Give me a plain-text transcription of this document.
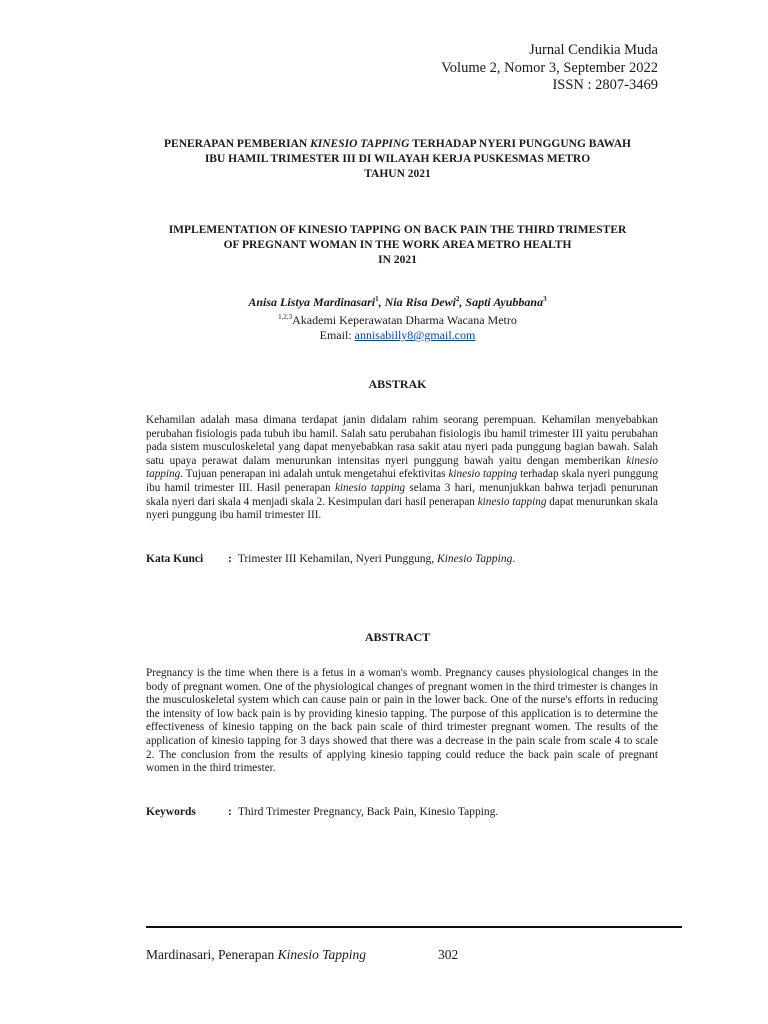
Jurnal Cendikia Muda
Volume 2, Nomor 3, September 2022
ISSN : 2807-3469
PENERAPAN PEMBERIAN KINESIO TAPPING TERHADAP NYERI PUNGGUNG BAWAH
IBU HAMIL TRIMESTER III DI WILAYAH KERJA PUSKESMAS METRO
TAHUN 2021
IMPLEMENTATION OF KINESIO TAPPING ON BACK PAIN THE THIRD TRIMESTER
OF PREGNANT WOMAN IN THE WORK AREA METRO HEALTH
IN 2021
Anisa Listya Mardinasari$^1$, Nia Risa Dewi$^2$, Sapti Ayubbana$^3$
$^{1,2,3}$Akademi Keperawatan Dharma Wacana Metro
Email: annisabilly8@gmail.com
ABSTRAK
Kehamilan adalah masa dimana terdapat janin didalam rahim seorang perempuan. Kehamilan menyebabkan perubahan fisiologis pada tubuh ibu hamil. Salah satu perubahan fisiologis ibu hamil trimester III yaitu perubahan pada sistem musculoskeletal yang dapat menyebabkan rasa sakit atau nyeri pada punggung bagian bawah. Salah satu upaya perawat dalam menurunkan intensitas nyeri punggung bawah yaitu dengan memberikan kinesio tapping. Tujuan penerapan ini adalah untuk mengetahui efektivitas kinesio tapping terhadap skala nyeri punggung ibu hamil trimester III. Hasil penerapan kinesio tapping selama 3 hari, menunjukkan bahwa terjadi penurunan skala nyeri dari skala 4 menjadi skala 2. Kesimpulan dari hasil penerapan kinesio tapping dapat menurunkan skala nyeri punggung ibu hamil trimester III.
Kata Kunci : Trimester III Kehamilan, Nyeri Punggung, Kinesio Tapping.
ABSTRACT
Pregnancy is the time when there is a fetus in a woman's womb. Pregnancy causes physiological changes in the body of pregnant women. One of the physiological changes of pregnant women in the third trimester is changes in the musculoskeletal system which can cause pain or pain in the lower back. One of the nurse's efforts in reducing the intensity of low back pain is by providing kinesio tapping. The purpose of this application is to determine the effectiveness of kinesio tapping on the back pain scale of third trimester pregnant women. The results of the application of kinesio tapping for 3 days showed that there was a decrease in the pain scale from scale 4 to scale 2. The conclusion from the results of applying kinesio tapping could reduce the back pain scale of pregnant women in the third trimester.
Keywords	: Third Trimester Pregnancy, Back Pain, Kinesio Tapping.
Mardinasari, Penerapan Kinesio Tapping	302
